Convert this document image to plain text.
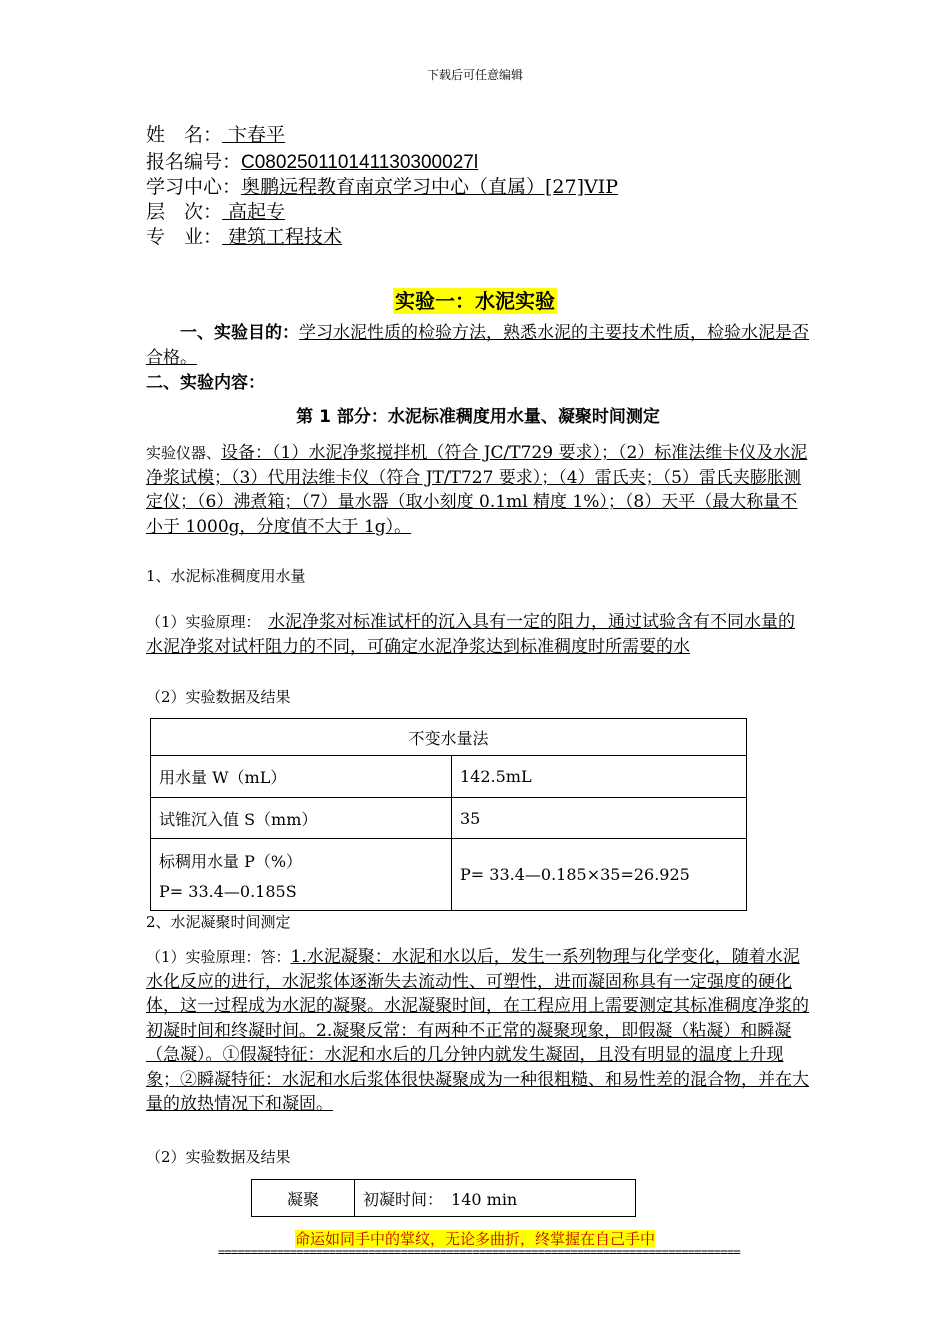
下载后可任意编辑
姓　名： 卞春平
报名编号：C080250110141130300027l
学习中心：奥鹏远程教育南京学习中心（直属）[27]VIP
层　次： 高起专
专　业： 建筑工程技术
实验一：水泥实验
一、实验目的：学习水泥性质的检验方法，熟悉水泥的主要技术性质，检验水泥是否合格。
二、实验内容：
第 1 部分：水泥标准稠度用水量、凝聚时间测定
实验仪器、设备：（1）水泥净浆搅拌机（符合 JC/T729 要求）；（2）标准法维卡仪及水泥净浆试模；（3）代用法维卡仪（符合 JT/T727 要求）；（4）雷氏夹；（5）雷氏夹膨胀测定仪；（6）沸煮箱；（7）量水器（取小刻度 0.1ml 精度 1%）；（8）天平（最大称量不小于 1000g，分度值不大于 1g）。
1、水泥标准稠度用水量
（1）实验原理：　水泥净浆对标准试杆的沉入具有一定的阻力，通过试验含有不同水量的水泥净浆对试杆阻力的不同，可确定水泥净浆达到标准稠度时所需要的水
（2）实验数据及结果
不变水量法	
用水量 W（mL）	142.5mL
试锥沉入值 S（mm）	35

标稠用水量 P（%）
P= 33.4—0.185S	P= 33.4—0.185×35=26.925
2、水泥凝聚时间测定
（1）实验原理：答：1.水泥凝聚：水泥和水以后，发生一系列物理与化学变化，随着水泥水化反应的进行，水泥浆体逐渐失去流动性、可塑性，进而凝固称具有一定强度的硬化体，这一过程成为水泥的凝聚。水泥凝聚时间，在工程应用上需要测定其标准稠度净浆的初凝时间和终凝时间。2.凝聚反常：有两种不正常的凝聚现象，即假凝（粘凝）和瞬凝（急凝）。①假凝特征：水泥和水后的几分钟内就发生凝固，且没有明显的温度上升现象；②瞬凝特征：水泥和水后浆体很快凝聚成为一种很粗糙、和易性差的混合物，并在大量的放热情况下和凝固。
（2）实验数据及结果
凝聚	初凝时间：　140 min
命运如同手中的掌纹，无论多曲折，终掌握在自己手中
================================================================================
